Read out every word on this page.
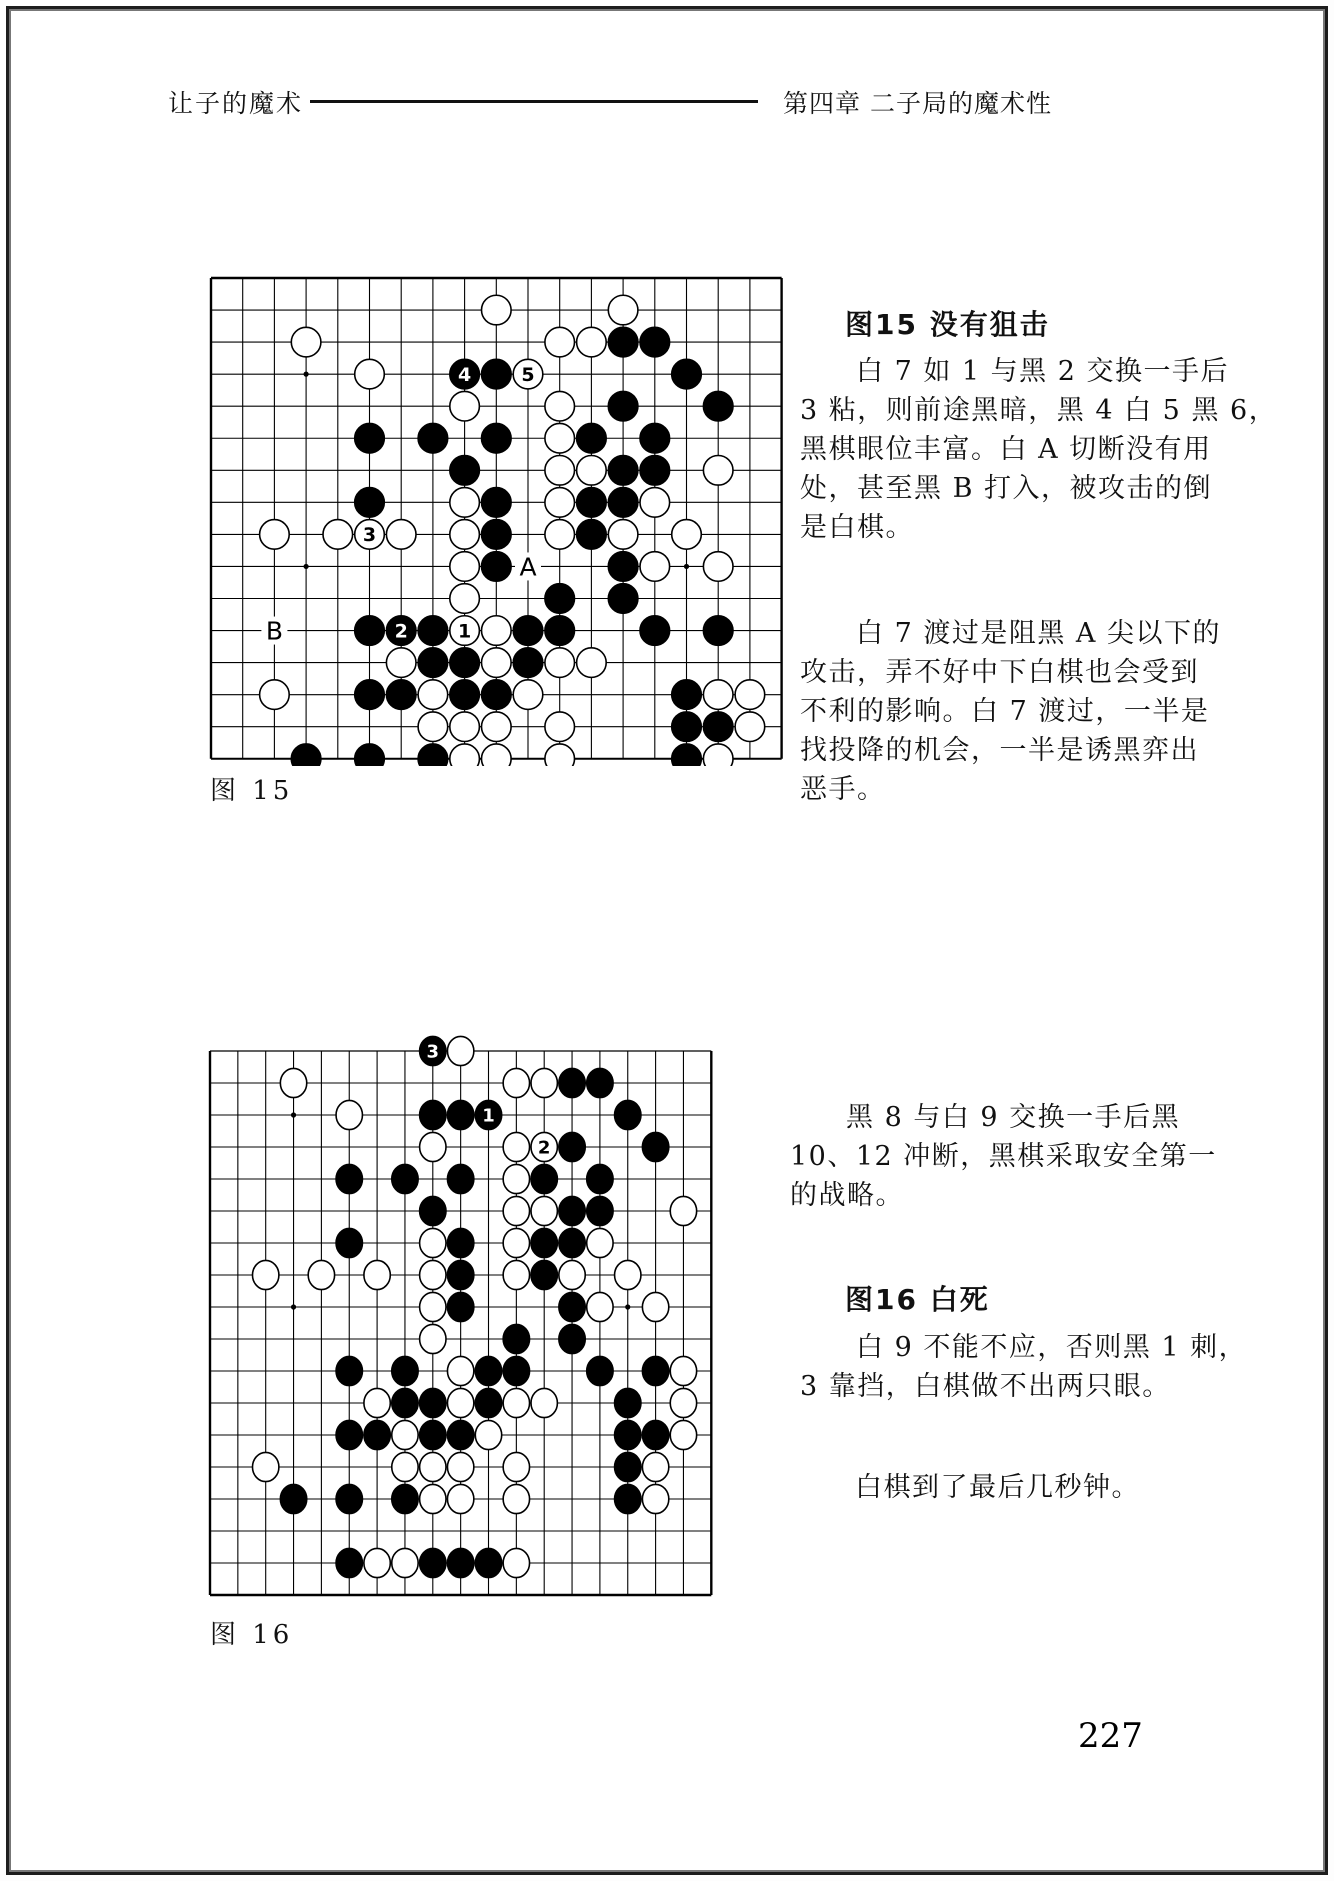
让子的魔术	第四章 二子局的魔术性
4	5
3
2	1
A
B
图 15
图15 没有狙击
白 7 如 1 与黑 2 交换一手后
3 粘，则前途黑暗，黑 4 白 5 黑 6，
黑棋眼位丰富。白 A 切断没有用
处，甚至黑 B 打入，被攻击的倒
是白棋。
白 7 渡过是阻黑 A 尖以下的
攻击，弄不好中下白棋也会受到
不利的影响。白 7 渡过，一半是
找投降的机会，一半是诱黑弈出
恶手。
3
1
2
图 16
黑 8 与白 9 交换一手后黑
10、12 冲断，黑棋采取安全第一
的战略。
图16 白死
白 9 不能不应，否则黑 1 刺，
3 靠挡，白棋做不出两只眼。
白棋到了最后几秒钟。
227
